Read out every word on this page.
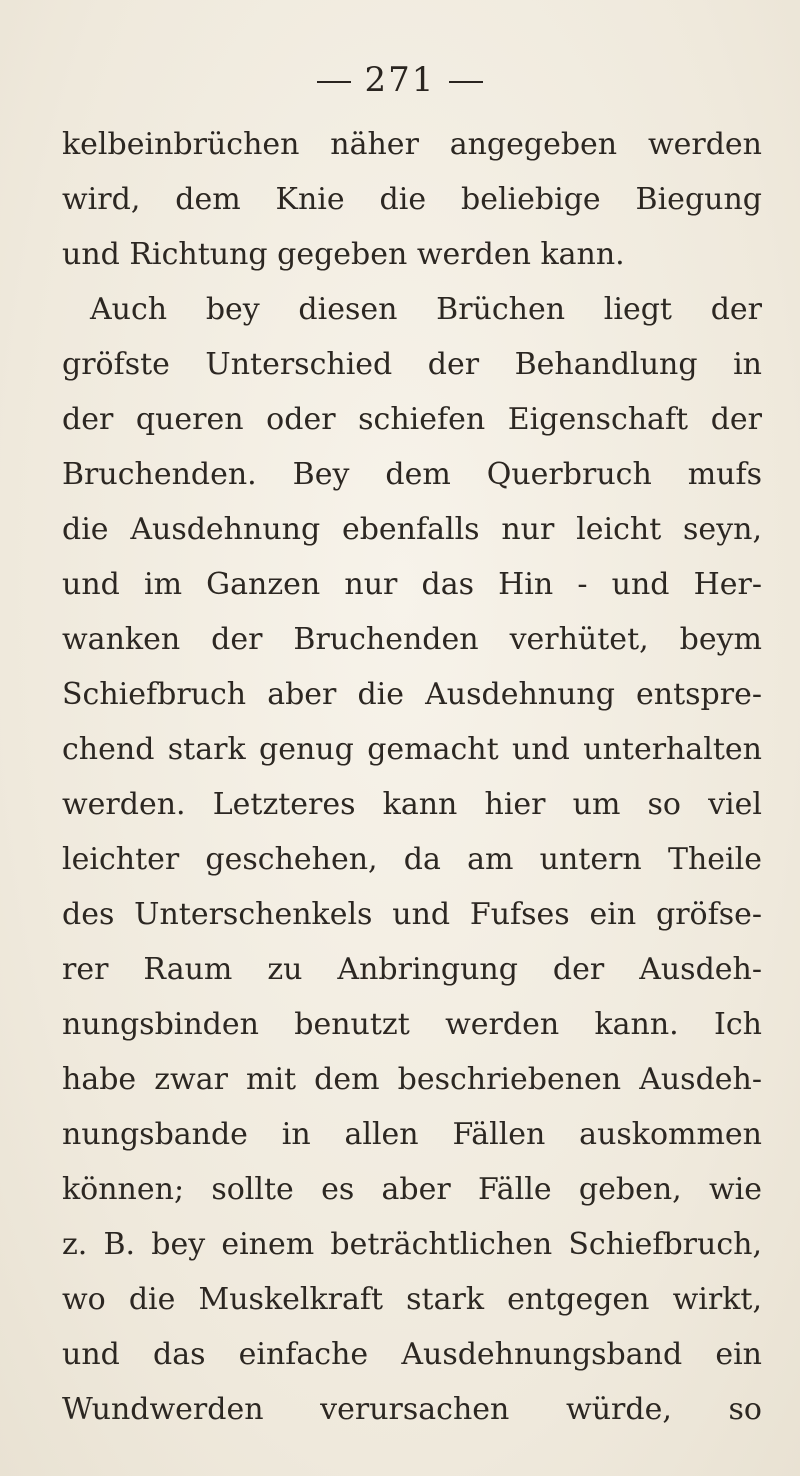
271
kelbeinbrüchen näher angegeben werden
wird, dem Knie die beliebige Biegung
und Richtung gegeben werden kann.
Auch bey diesen Brüchen liegt der
gröfste Unterschied der Behandlung in
der queren oder schiefen Eigenschaft der
Bruchenden. Bey dem Querbruch mufs
die Ausdehnung ebenfalls nur leicht seyn,
und im Ganzen nur das Hin - und Her-
wanken der Bruchenden verhütet, beym
Schiefbruch aber die Ausdehnung entspre-
chend stark genug gemacht und unterhalten
werden. Letzteres kann hier um so viel
leichter geschehen, da am untern Theile
des Unterschenkels und Fufses ein gröfse-
rer Raum zu Anbringung der Ausdeh-
nungsbinden benutzt werden kann. Ich
habe zwar mit dem beschriebenen Ausdeh-
nungsbande in allen Fällen auskommen
können; sollte es aber Fälle geben, wie
z. B. bey einem beträchtlichen Schiefbruch,
wo die Muskelkraft stark entgegen wirkt,
und das einfache Ausdehnungsband ein
Wundwerden verursachen würde, so
